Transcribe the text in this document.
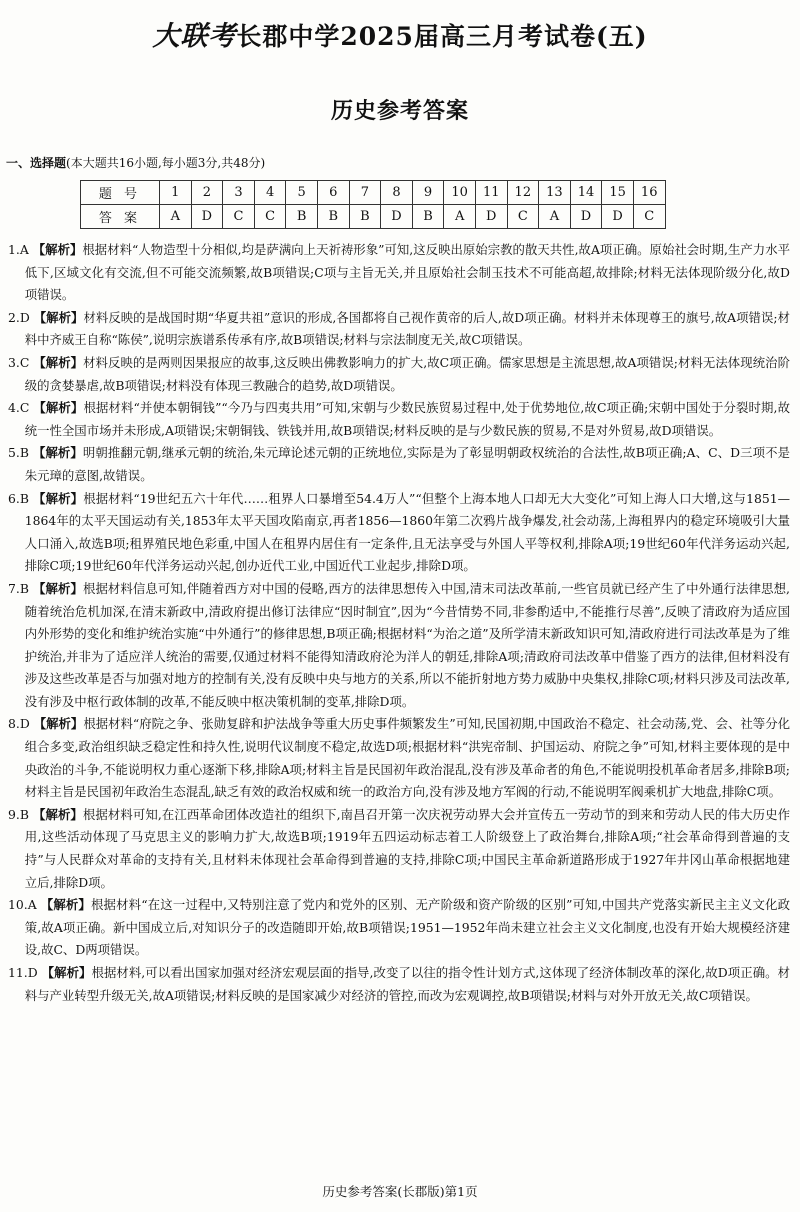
大联考长郡中学2025届高三月考试卷(五)
历史参考答案
一、选择题(本大题共16小题,每小题3分,共48分)
题 号	1	2	3	4	5	6	7	8	9	10	11	12	13	14	15	16
答 案	A	D	C	C	B	B	B	D	B	A	D	C	A	D	D	C
1.A 【解析】根据材料“人物造型十分相似,均是萨满向上天祈祷形象”可知,这反映出原始宗教的散天共性,故A项正确。原始社会时期,生产力水平低下,区域文化有交流,但不可能交流频繁,故B项错误;C项与主旨无关,并且原始社会制玉技术不可能高超,故排除;材料无法体现阶级分化,故D项错误。
2.D 【解析】材料反映的是战国时期“华夏共祖”意识的形成,各国都将自己视作黄帝的后人,故D项正确。材料并未体现尊王的旗号,故A项错误;材料中齐威王自称“陈侯”,说明宗族谱系传承有序,故B项错误;材料与宗法制度无关,故C项错误。
3.C 【解析】材料反映的是两则因果报应的故事,这反映出佛教影响力的扩大,故C项正确。儒家思想是主流思想,故A项错误;材料无法体现统治阶级的贪婪暴虐,故B项错误;材料没有体现三教融合的趋势,故D项错误。
4.C 【解析】根据材料“并使本朝铜钱”“今乃与四夷共用”可知,宋朝与少数民族贸易过程中,处于优势地位,故C项正确;宋朝中国处于分裂时期,故统一性全国市场并未形成,A项错误;宋朝铜钱、铁钱并用,故B项错误;材料反映的是与少数民族的贸易,不是对外贸易,故D项错误。
5.B 【解析】明朝推翻元朝,继承元朝的统治,朱元璋论述元朝的正统地位,实际是为了彰显明朝政权统治的合法性,故B项正确;A、C、D三项不是朱元璋的意图,故错误。
6.B 【解析】根据材料“19世纪五六十年代……租界人口暴增至54.4万人”“但整个上海本地人口却无大大变化”可知上海人口大增,这与1851—1864年的太平天国运动有关,1853年太平天国攻陷南京,再者1856—1860年第二次鸦片战争爆发,社会动荡,上海租界内的稳定环境吸引大量人口涌入,故选B项;租界殖民地色彩重,中国人在租界内居住有一定条件,且无法享受与外国人平等权利,排除A项;19世纪60年代洋务运动兴起,排除C项;19世纪60年代洋务运动兴起,创办近代工业,中国近代工业起步,排除D项。
7.B 【解析】根据材料信息可知,伴随着西方对中国的侵略,西方的法律思想传入中国,清末司法改革前,一些官员就已经产生了中外通行法律思想,随着统治危机加深,在清末新政中,清政府提出修订法律应“因时制宜”,因为“今昔情势不同,非参酌适中,不能推行尽善”,反映了清政府为适应国内外形势的变化和维护统治实施“中外通行”的修律思想,B项正确;根据材料“为治之道”及所学清末新政知识可知,清政府进行司法改革是为了维护统治,并非为了适应洋人统治的需要,仅通过材料不能得知清政府沦为洋人的朝廷,排除A项;清政府司法改革中借鉴了西方的法律,但材料没有涉及这些改革是否与加强对地方的控制有关,没有反映中央与地方的关系,所以不能折射地方势力威胁中央集权,排除C项;材料只涉及司法改革,没有涉及中枢行政体制的改革,不能反映中枢决策机制的变革,排除D项。
8.D 【解析】根据材料“府院之争、张勋复辟和护法战争等重大历史事件频繁发生”可知,民国初期,中国政治不稳定、社会动荡,党、会、社等分化组合多变,政治组织缺乏稳定性和持久性,说明代议制度不稳定,故选D项;根据材料“洪宪帝制、护国运动、府院之争”可知,材料主要体现的是中央政治的斗争,不能说明权力重心逐渐下移,排除A项;材料主旨是民国初年政治混乱,没有涉及革命者的角色,不能说明投机革命者居多,排除B项;材料主旨是民国初年政治生态混乱,缺乏有效的政治权威和统一的政治方向,没有涉及地方军阀的行动,不能说明军阀乘机扩大地盘,排除C项。
9.B 【解析】根据材料可知,在江西革命团体改造社的组织下,南昌召开第一次庆祝劳动界大会并宣传五一劳动节的到来和劳动人民的伟大历史作用,这些活动体现了马克思主义的影响力扩大,故选B项;1919年五四运动标志着工人阶级登上了政治舞台,排除A项;“社会革命得到普遍的支持”与人民群众对革命的支持有关,且材料未体现社会革命得到普遍的支持,排除C项;中国民主革命新道路形成于1927年井冈山革命根据地建立后,排除D项。
10.A 【解析】根据材料“在这一过程中,又特别注意了党内和党外的区别、无产阶级和资产阶级的区别”可知,中国共产党落实新民主主义文化政策,故A项正确。新中国成立后,对知识分子的改造随即开始,故B项错误;1951—1952年尚未建立社会主义文化制度,也没有开始大规模经济建设,故C、D两项错误。
11.D 【解析】根据材料,可以看出国家加强对经济宏观层面的指导,改变了以往的指令性计划方式,这体现了经济体制改革的深化,故D项正确。材料与产业转型升级无关,故A项错误;材料反映的是国家减少对经济的管控,而改为宏观调控,故B项错误;材料与对外开放无关,故C项错误。
历史参考答案(长郡版)第1页
